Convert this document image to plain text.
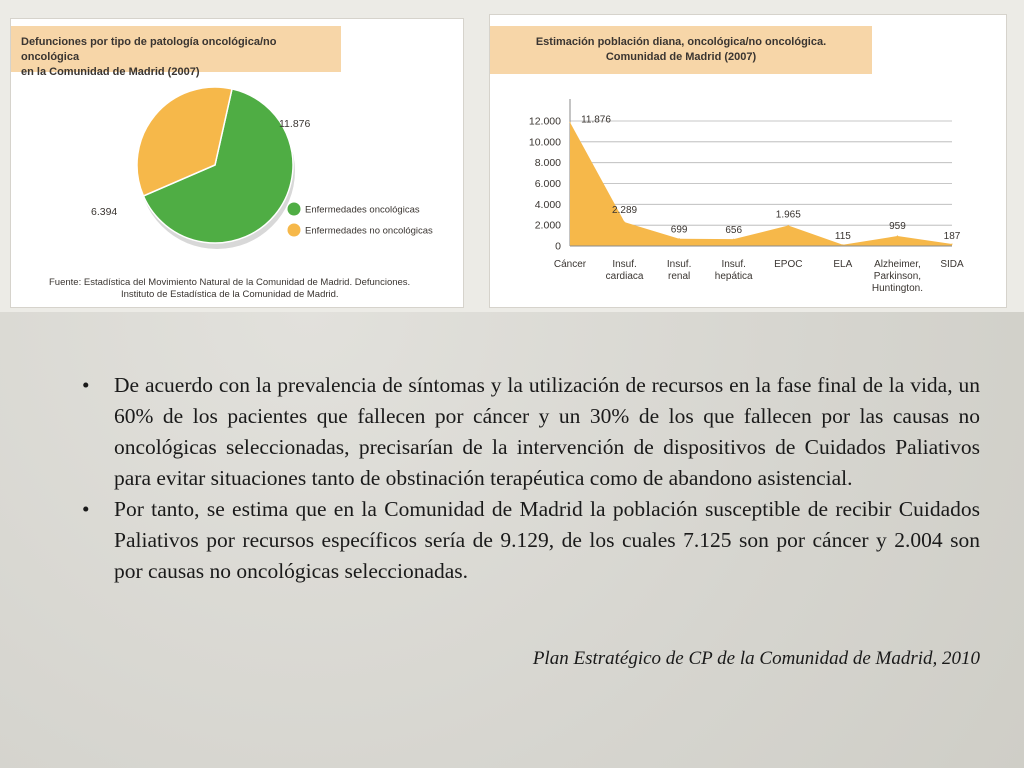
Defunciones por tipo de patología oncológica/no oncológica
en la Comunidad de Madrid (2007)
11.876
Enfermedades oncológicas
6.394
Enfermedades no oncológicas
Fuente: Estadística del Movimiento Natural de la Comunidad de Madrid. Defunciones.
Instituto de Estadística de la Comunidad de Madrid.
Estimación población diana, oncológica/no oncológica.
Comunidad de Madrid (2007)
0
2.000
4.000
6.000
8.000
10.000
12.000 11.876
2.289
699	656
1.965
115
959
187
Cáncer	Insuf.
cardiaca
Insuf.
renal
Insuf.
hepática
EPOC	ELA Alzheimer,
Parkinson,
Huntington.
SIDA
• De acuerdo con la prevalencia de síntomas y la utilización de recursos en la fase final de la vida, un 60% de los pacientes que fallecen por cáncer y un 30% de los que fallecen por las causas no oncológicas seleccionadas, precisarían de la intervención de dispositivos de Cuidados Paliativos para evitar situaciones tanto de obstinación terapéutica como de abandono asistencial.
• Por tanto, se estima que en la Comunidad de Madrid la población susceptible de recibir Cuidados Paliativos por recursos específicos sería de 9.129, de los cuales 7.125 son por cáncer y 2.004 son por causas no oncológicas seleccionadas.
Plan Estratégico de CP de la Comunidad de Madrid, 2010
